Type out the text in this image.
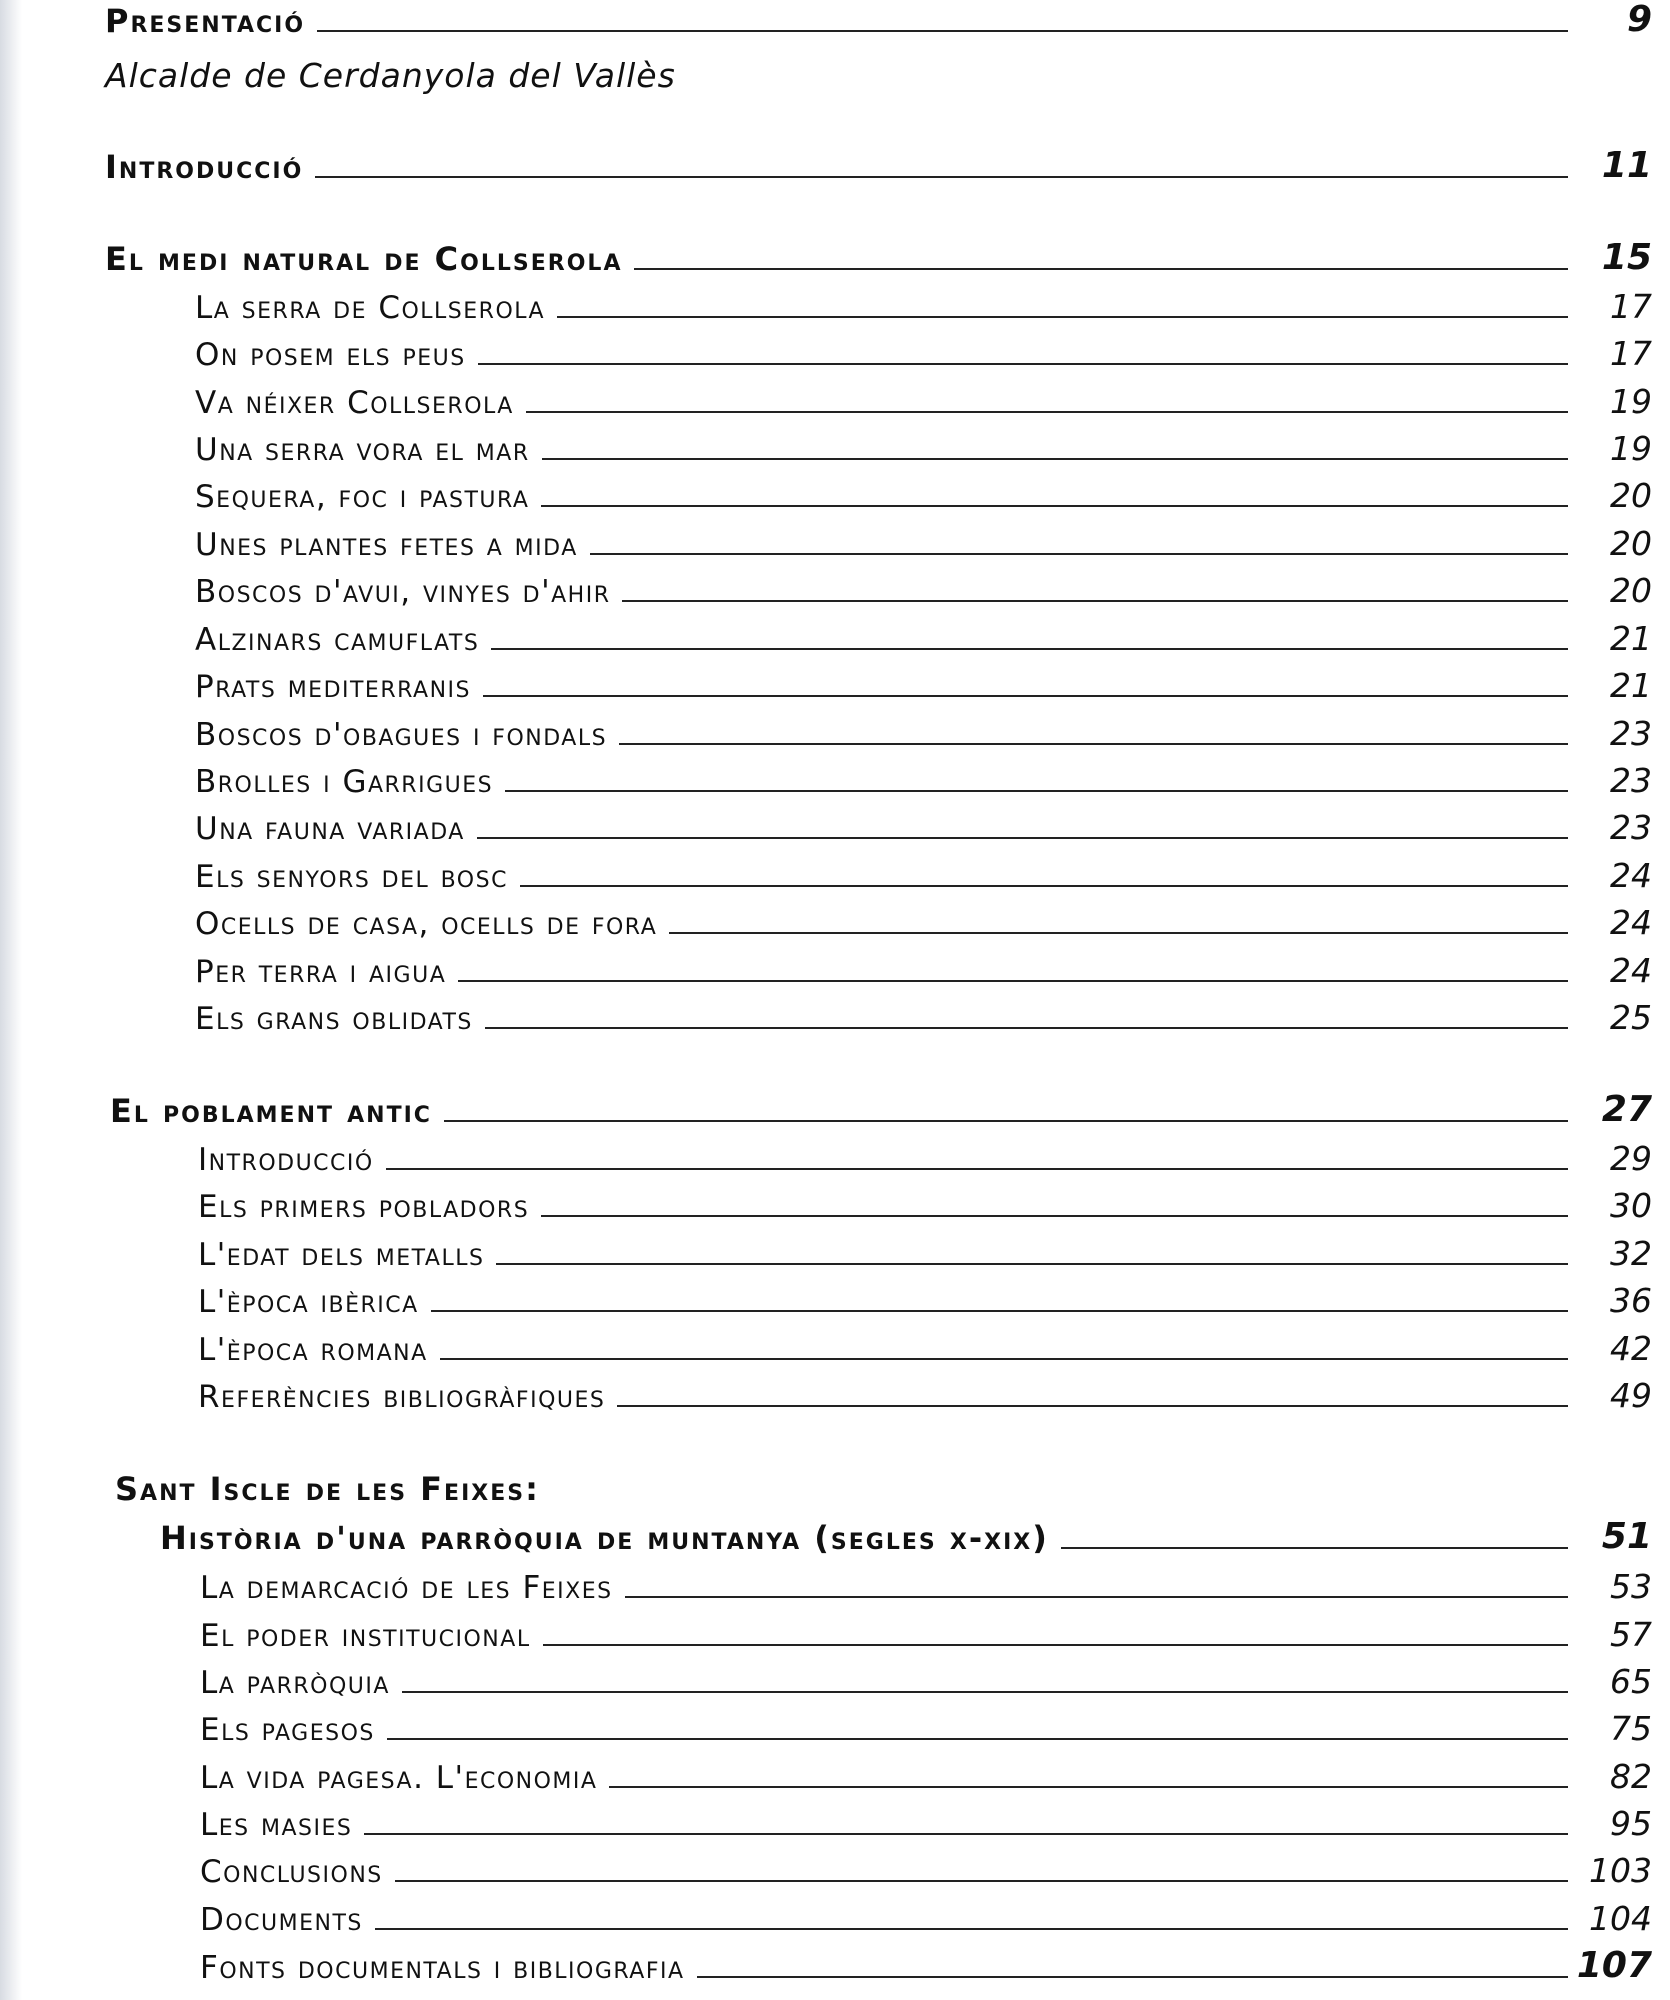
Alcalde de Cerdanyola del Vallès
Presentació	9
Introducció	11
El medi natural de Collserola	15
La serra de Collserola	17
On posem els peus	17
Va néixer Collserola	19
Una serra vora el mar	19
Sequera, foc i pastura	20
Unes plantes fetes a mida	20
Boscos d'avui, vinyes d'ahir	20
Alzinars camuflats	21
Prats mediterranis	21
Boscos d'obagues i fondals	23
Brolles i Garrigues	23
Una fauna variada	23
Els senyors del bosc	24
Ocells de casa, ocells de fora	24
Per terra i aigua	24
Els grans oblidats	25
El poblament antic	27
Introducció	29
Els primers pobladors	30
L'edat dels metalls	32
L'època ibèrica	36
L'època romana	42
Referències bibliogràfiques	49
Sant Iscle de les Feixes:
Història d'una parròquia de muntanya (segles x-xix)	51
La demarcació de les Feixes	53
El poder institucional	57
La parròquia	65
Els pagesos	75
La vida pagesa. L'economia	82
Les masies	95
Conclusions	103
Documents	104
Fonts documentals i bibliografia	107
